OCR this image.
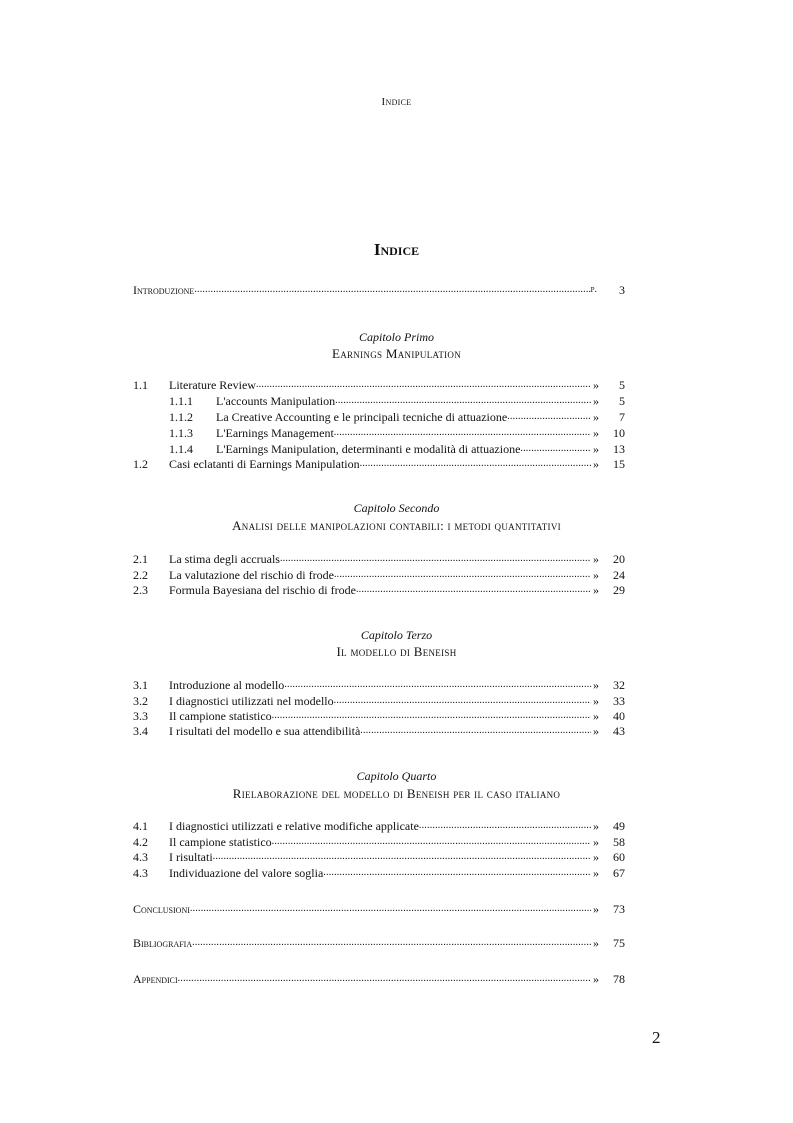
Indice
Indice
Introduzione .....	p. 3
Capitolo Primo
Earnings Manipulation
1.1 Literature Review .....	» 5
1.1.1 L'accounts Manipulation .....	» 5
1.1.2 La Creative Accounting e le principali tecniche di attuazione .....	» 7
1.1.3 L'Earnings Management .....	» 10
1.1.4 L'Earnings Manipulation, determinanti e modalità di attuazione .....	» 13
1.2 Casi eclatanti di Earnings Manipulation .....	» 15
Capitolo Secondo
Analisi delle manipolazioni contabili: i metodi quantitativi
2.1 La stima degli accruals .....	» 20
2.2 La valutazione del rischio di frode .....	» 24
2.3 Formula Bayesiana del rischio di frode .....	» 29
Capitolo Terzo
Il modello di Beneish
3.1 Introduzione al modello .....	» 32
3.2 I diagnostici utilizzati nel modello .....	» 33
3.3 Il campione statistico .....	» 40
3.4 I risultati del modello e sua attendibilità .....	» 43
Capitolo Quarto
Rielaborazione del modello di Beneish per il caso italiano
4.1 I diagnostici utilizzati e relative modifiche applicate .....	» 49
4.2 Il campione statistico .....	» 58
4.3 I risultati .....	» 60
4.3 Individuazione del valore soglia .....	» 67
Conclusioni .....	» 73
Bibliografia .....	» 75
Appendici .....	» 78
2
